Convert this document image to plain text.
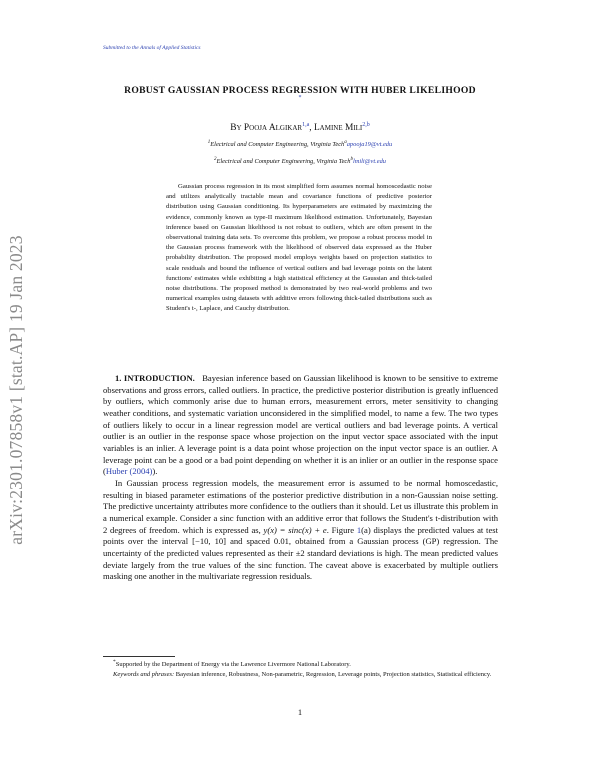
Submitted to the Annals of Applied Statistics
arXiv:2301.07858v1 [stat.AP] 19 Jan 2023
ROBUST GAUSSIAN PROCESS REGRESSION WITH HUBER LIKELIHOOD
*
By Pooja Algikar$^{1,a}$, Lamine Mili$^{2,b}$
$^1$Electrical and Computer Engineering, Virginia Tech$^a$apooja19@vt.edu
$^2$Electrical and Computer Engineering, Virginia Tech$^b$lmili@vt.edu

Gaussian process regression in its most simplified form assumes normal homoscedastic noise and utilizes analytically tractable mean and covariance functions of predictive posterior distribution using Gaussian conditioning. Its hyperparameters are estimated by maximizing the evidence, commonly known as type-II maximum likelihood estimation. Unfortunately, Bayesian inference based on Gaussian likelihood is not robust to outliers, which are often present in the observational training data sets. To overcome this problem, we propose a robust process model in the Gaussian process framework with the likelihood of observed data expressed as the Huber probability distribution. The proposed model employs weights based on projection statistics to scale residuals and bound the influence of vertical outliers and bad leverage points on the latent functions' estimates while exhibiting a high statistical efficiency at the Gaussian and thick-tailed noise distributions. The proposed method is demonstrated by two real-world problems and two numerical examples using datasets with additive errors following thick-tailed distributions such as Student's t-, Laplace, and Cauchy distribution.

1. INTRODUCTION. Bayesian inference based on Gaussian likelihood is known to be sensitive to extreme observations and gross errors, called outliers. In practice, the predictive posterior distribution is greatly influenced by outliers, which commonly arise due to human errors, measurement errors, meter sensitivity to changing weather conditions, and systematic variation unconsidered in the simplified model, to name a few. The two types of outliers likely to occur in a linear regression model are vertical outliers and bad leverage points. A vertical outlier is an outlier in the response space whose projection on the input vector space associated with the input variables is an inlier. A leverage point is a data point whose projection on the input vector space is an outlier. A leverage point can be a good or a bad point depending on whether it is an inlier or an outlier in the response space (Huber (2004)).

In Gaussian process regression models, the measurement error is assumed to be normal homoscedastic, resulting in biased parameter estimations of the posterior predictive distribution in a non-Gaussian noise setting. The predictive uncertainty attributes more confidence to the outliers than it should. Let us illustrate this problem in a numerical example. Consider a sinc function with an additive error that follows the Student's t-distribution with 2 degrees of freedom. which is expressed as, y(x) = sinc(x) + e. Figure 1(a) displays the predicted values at test points over the interval [−10, 10] and spaced 0.01, obtained from a Gaussian process (GP) regression. The uncertainty of the predicted values represented as their ±2 standard deviations is high. The mean predicted values deviate largely from the true values of the sinc function. The caveat above is exacerbated by multiple outliers masking one another in the multivariate regression residuals.

*Supported by the Department of Energy via the Lawrence Livermore National Laboratory.

Keywords and phrases: Bayesian inference, Robustness, Non-parametric, Regression, Leverage points, Projection statistics, Statistical efficiency.

1
